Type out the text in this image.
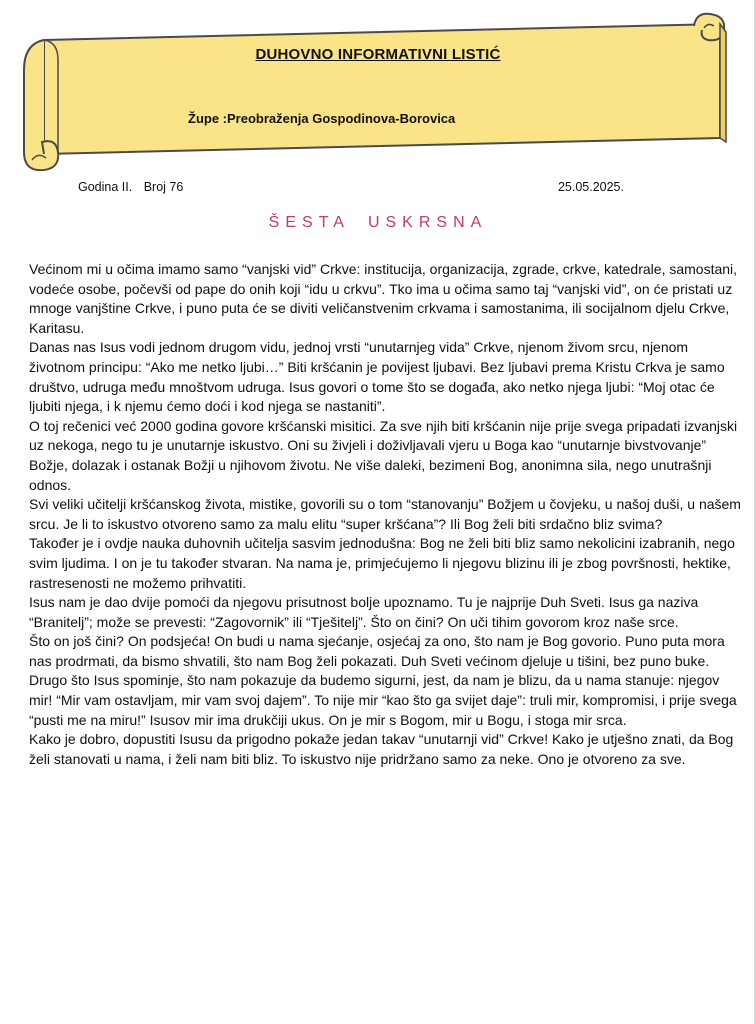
DUHOVNO INFORMATIVNI LISTIĆ
Župe :Preobraženja Gospodinova-Borovica
Godina II. Broj 76	25.05.2025.
ŠESTA USKRSNA

Većinom mi u očima imamo samo “vanjski vid” Crkve: institucija, organizacija, zgrade, crkve, katedrale, samostani, vodeće osobe, počevši od pape do onih koji “idu u crkvu”. Tko ima u očima samo taj “vanjski vid”, on će pristati uz mnoge vanjštine Crkve, i puno puta će se diviti veličanstvenim crkvama i samostanima, ili socijalnom djelu Crkve, Karitasu.

Danas nas Isus vodi jednom drugom vidu, jednoj vrsti “unutarnjeg vida” Crkve, njenom živom srcu, njenom životnom principu: “Ako me netko ljubi…” Biti kršćanin je povijest ljubavi. Bez ljubavi prema Kristu Crkva je samo društvo, udruga među mnoštvom udruga. Isus govori o tome što se događa, ako netko njega ljubi: “Moj otac će ljubiti njega, i k njemu ćemo doći i kod njega se nastaniti”.

O toj rečenici već 2000 godina govore kršćanski misitici. Za sve njih biti kršćanin nije prije svega pripadati izvanjski uz nekoga, nego tu je unutarnje iskustvo. Oni su živjeli i doživljavali vjeru u Boga kao “unutarnje bivstvovanje” Božje, dolazak i ostanak Božji u njihovom životu. Ne više daleki, bezimeni Bog, anonimna sila, nego unutrašnji odnos.

Svi veliki učitelji kršćanskog života, mistike, govorili su o tom “stanovanju” Božjem u čovjeku, u našoj duši, u našem srcu. Je li to iskustvo otvoreno samo za malu elitu “super kršćana”? Ili Bog želi biti srdačno bliz svima?

Također je i ovdje nauka duhovnih učitelja sasvim jednodušna: Bog ne želi biti bliz samo nekolicini izabranih, nego svim ljudima. I on je tu također stvaran. Na nama je, primjećujemo li njegovu blizinu ili je zbog površnosti, hektike, rastresenosti ne možemo prihvatiti.

Isus nam je dao dvije pomoći da njegovu prisutnost bolje upoznamo. Tu je najprije Duh Sveti. Isus ga naziva “Branitelj”; može se prevesti: “Zagovornik” ili “Tješitelj”. Što on čini? On uči tihim govorom kroz naše srce.

Što on još čini? On podsjeća! On budi u nama sjećanje, osjećaj za ono, što nam je Bog govorio. Puno puta mora nas prodrmati, da bismo shvatili, što nam Bog želi pokazati. Duh Sveti većinom djeluje u tišini, bez puno buke.

Drugo što Isus spominje, što nam pokazuje da budemo sigurni, jest, da nam je blizu, da u nama stanuje: njegov mir! “Mir vam ostavljam, mir vam svoj dajem”. To nije mir “kao što ga svijet daje”: truli mir, kompromisi, i prije svega “pusti me na miru!” Isusov mir ima drukčiji ukus. On je mir s Bogom, mir u Bogu, i stoga mir srca.

Kako je dobro, dopustiti Isusu da prigodno pokaže jedan takav “unutarnji vid” Crkve! Kako je utješno znati, da Bog želi stanovati u nama, i želi nam biti bliz. To iskustvo nije pridržano samo za neke. Ono je otvoreno za sve.
